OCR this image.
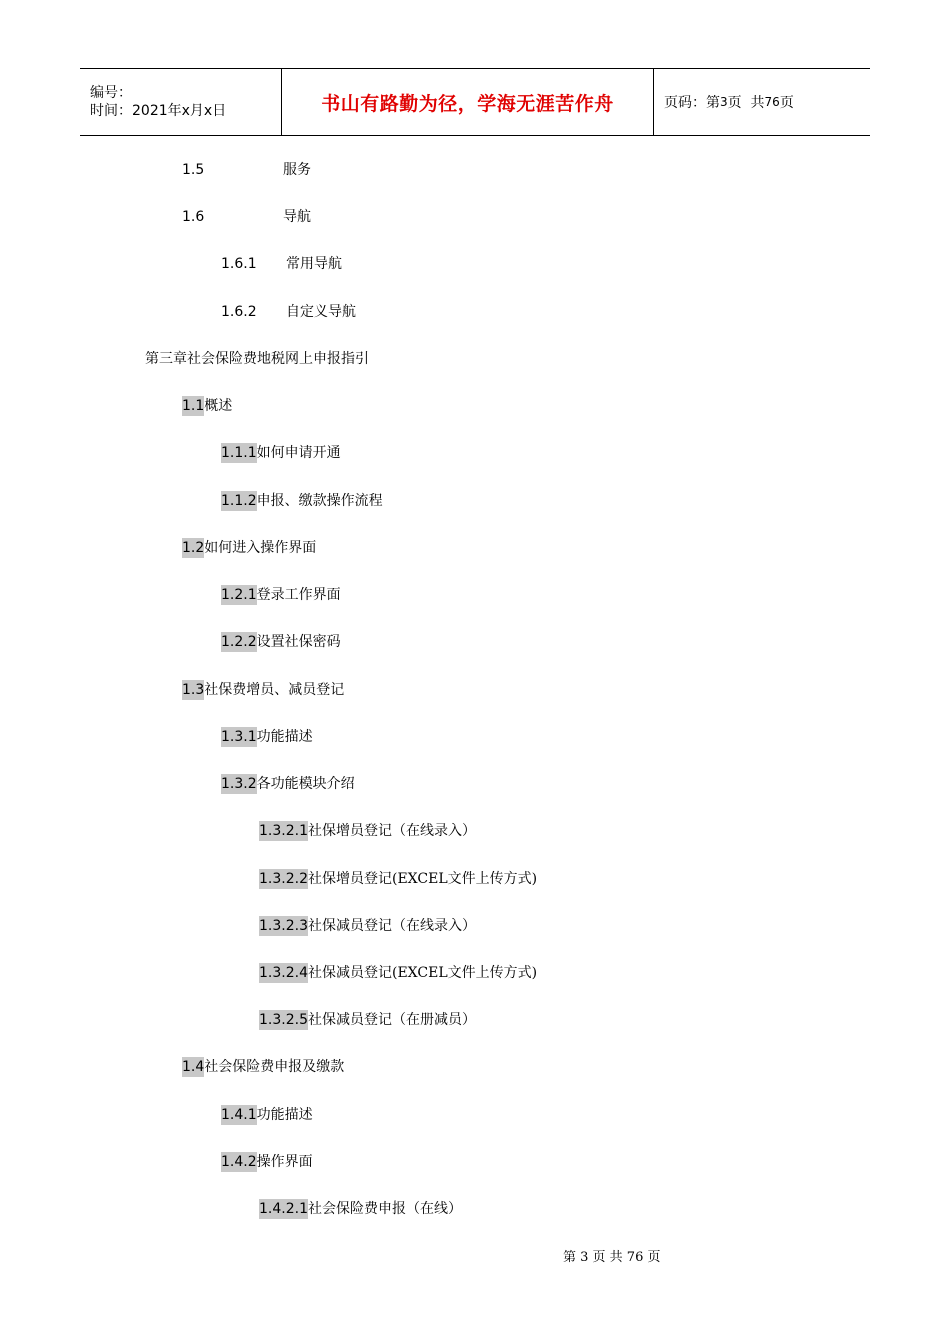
编号：
时间：2021年x月x日	书山有路勤为径，学海无涯苦作舟	页码：第 3 页  共 76 页
1.5	服务
1.6	导航
1.6.1	常用导航
1.6.2	自定义导航
第三章社会保险费地税网上申报指引
1.1 概述
1.1.1 如何申请开通
1.1.2 申报、缴款操作流程
1.2 如何进入操作界面
1.2.1 登录工作界面
1.2.2 设置社保密码
1.3 社保费增员、减员登记
1.3.1 功能描述
1.3.2 各功能模块介绍
1.3.2.1 社保增员登记（在线录入）
1.3.2.2 社保增员登记(EXCEL文件上传方式)
1.3.2.3 社保减员登记（在线录入）
1.3.2.4 社保减员登记(EXCEL文件上传方式)
1.3.2.5 社保减员登记（在册减员）
1.4 社会保险费申报及缴款
1.4.1 功能描述
1.4.2 操作界面
1.4.2.1 社会保险费申报（在线）
第 3 页 共 76 页
